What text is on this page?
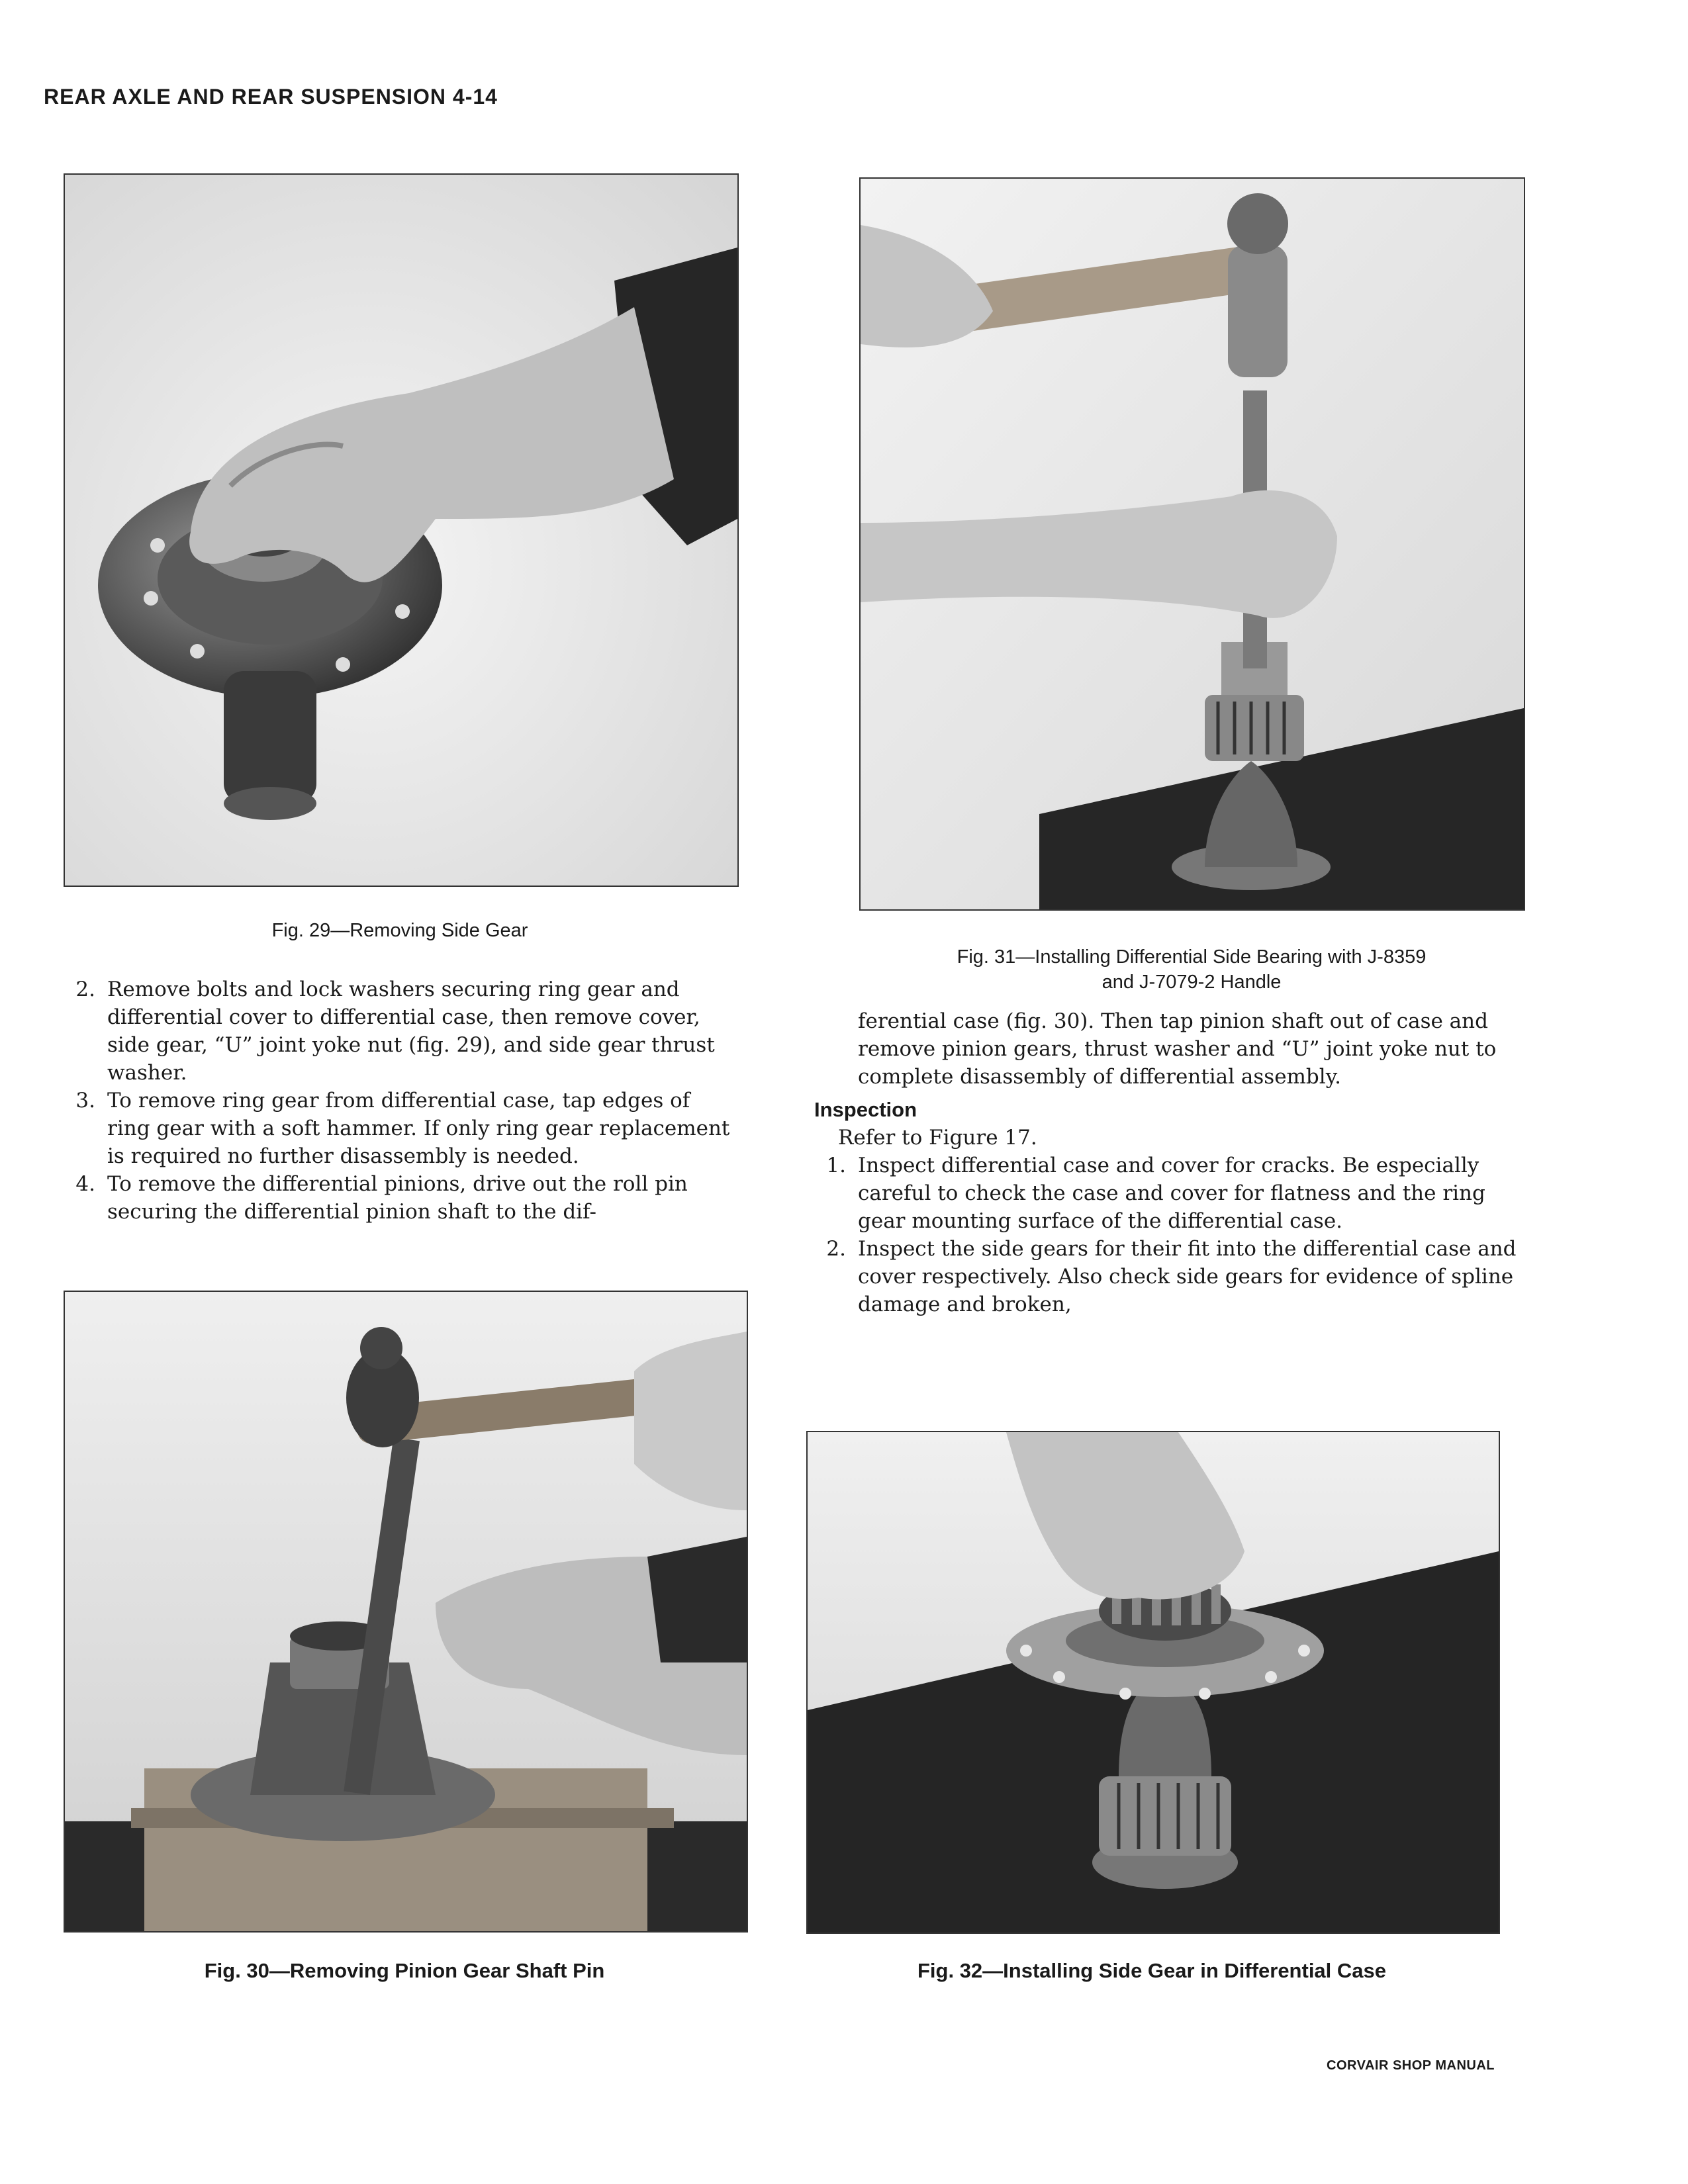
REAR AXLE AND REAR SUSPENSION 4-14
Fig. 29—Removing Side Gear

2. Remove bolts and lock washers securing ring gear and differential cover to differential case, then remove cover, side gear, “U” joint yoke nut (fig. 29), and side gear thrust washer.

3. To remove ring gear from differential case, tap edges of ring gear with a soft hammer. If only ring gear replacement is required no further disassembly is needed.

4. To remove the differential pinions, drive out the roll pin securing the differential pinion shaft to the dif-

Fig. 30—Removing Pinion Gear Shaft Pin
Fig. 31—Installing Differential Side Bearing with J-8359
and J-7079-2 Handle

ferential case (fig. 30). Then tap pinion shaft out of case and remove pinion gears, thrust washer and “U” joint yoke nut to complete disassembly of differential assembly.

Inspection

Refer to Figure 17.

1. Inspect differential case and cover for cracks. Be especially careful to check the case and cover for flatness and the ring gear mounting surface of the differential case.

2. Inspect the side gears for their fit into the differential case and cover respectively. Also check side gears for evidence of spline damage and broken,

Fig. 32—Installing Side Gear in Differential Case
CORVAIR SHOP MANUAL
